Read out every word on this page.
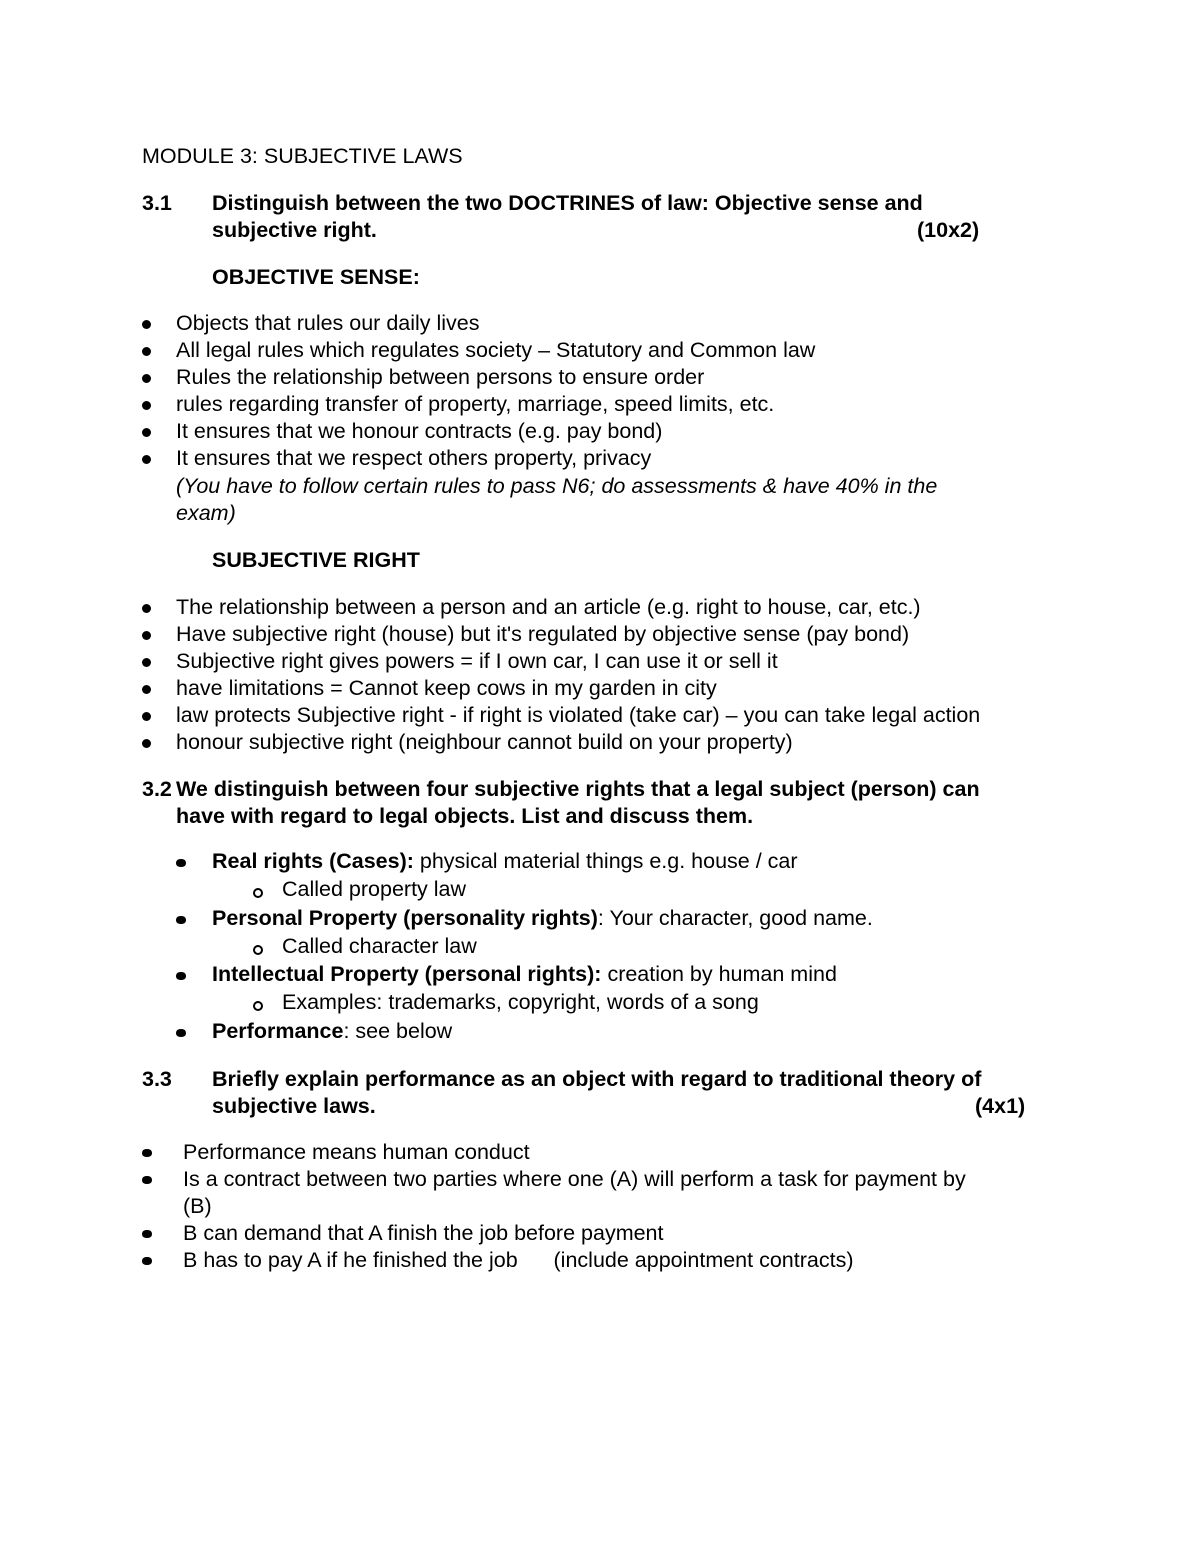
MODULE 3: SUBJECTIVE LAWS
3.1 Distinguish between the two DOCTRINES of law: Objective sense and
subjective right.	(10x2)
OBJECTIVE SENSE:
Objects that rules our daily lives
All legal rules which regulates society – Statutory and Common law
Rules the relationship between persons to ensure order
rules regarding transfer of property, marriage, speed limits, etc.
It ensures that we honour contracts (e.g. pay bond)
It ensures that we respect others property, privacy
(You have to follow certain rules to pass N6; do assessments & have 40% in the
exam)
SUBJECTIVE RIGHT
The relationship between a person and an article (e.g. right to house, car, etc.)
Have subjective right (house) but it's regulated by objective sense (pay bond)
Subjective right gives powers = if I own car, I can use it or sell it
have limitations = Cannot keep cows in my garden in city
law protects Subjective right - if right is violated (take car) – you can take legal action
honour subjective right (neighbour cannot build on your property)
3.2 We distinguish between four subjective rights that a legal subject (person) can
have with regard to legal objects. List and discuss them.
Real rights (Cases): physical material things e.g. house / car
Called property law
Personal Property (personality rights): Your character, good name.
Called character law
Intellectual Property (personal rights): creation by human mind
Examples: trademarks, copyright, words of a song
Performance: see below
3.3 Briefly explain performance as an object with regard to traditional theory of
subjective laws.	(4x1)
Performance means human conduct
Is a contract between two parties where one (A) will perform a task for payment by
(B)
B can demand that A finish the job before payment
B has to pay A if he finished the job      (include appointment contracts)
